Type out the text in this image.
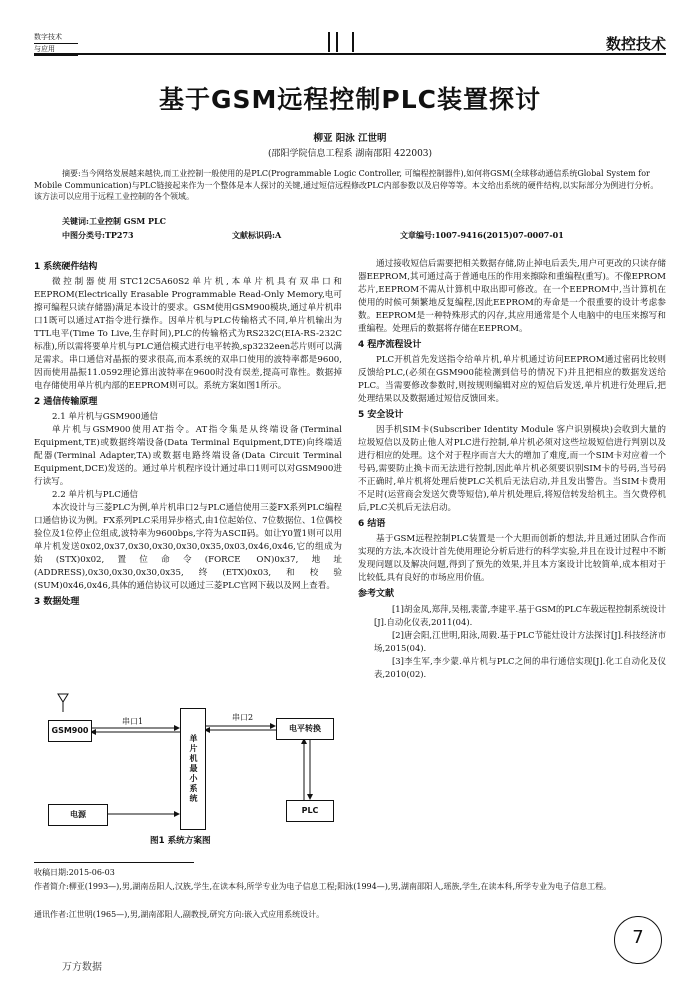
数字技术
与应用	数控技术
基于GSM远程控制PLC装置探讨
柳亚 阳泳 江世明
(邵阳学院信息工程系 湖南邵阳 422003)
摘要:当今网络发展越来越快,而工业控制一般使用的是PLC(Programmable Logic Controller, 可编程控制器件),如何将GSM(全球移动通信系统Global System for Mobile Communication)与PLC链接起来作为一个整体是本人探讨的关键,通过短信远程修改PLC内部参数以及启停等等。本文给出系统的硬件结构,以实际部分为例进行分析。该方法可以应用于远程工业控制的各个领域。
关键词:工业控制 GSM PLC
中图分类号:TP273	文献标识码:A	文章编号:1007-9416(2015)07-0007-01
1 系统硬件结构

微控制器使用STC12C5A60S2单片机,本单片机具有双串口和EEPROM(Electrically Erasable Programmable Read-Only Memory,电可擦可编程只读存储器)满足本设计的要求。GSM使用GSM900模块,通过单片机串口1既可以通过AT指令进行操作。因单片机与PLC传输格式不同,单片机输出为TTL电平(Time To Live,生存时间),PLC的传输格式为RS232C(EIA-RS-232C标准),所以需将要单片机与PLC通信模式进行电平转换,sp3232een芯片则可以满足需求。串口通信对晶振的要求很高,而本系统的双串口使用的波特率都是9600,因而使用晶振11.0592理论算出波特率在9600时没有误差,提高可靠性。数据掉电存储使用单片机内部的EEPROM则可以。系统方案如图1所示。

2 通信传输原理

2.1 单片机与GSM900通信

单片机与GSM900使用AT指令。AT指令集是从终端设备(Terminal Equipment,TE)或数据终端设备(Data Terminal Equipment,DTE)向终端适配器(Terminal Adapter,TA)或数据电路终端设备(Data Circuit Terminal Equipment,DCE)发送的。通过单片机程序设计通过串口1则可以对GSM900进行读写。

2.2 单片机与PLC通信

本次设计与三菱PLC为例,单片机串口2与PLC通信使用三菱FX系列PLC编程口通信协议为例。FX系列PLC采用异步格式,由1位起始位、7位数据位、1位偶校验位及1位停止位组成,波特率为9600bps,字符为ASCⅡ码。如让Y0置1则可以用单片机发送0x02,0x37,0x30,0x30,0x30,0x35,0x03,0x46,0x46,它的组成为始(STX)0x02,置位命令(FORCE ON)0x37,地址(ADDRESS),0x30,0x30,0x30,0x35,终(ETX)0x03,和校验(SUM)0x46,0x46,具体的通信协议可以通过三菱PLC官网下载以及网上查看。

3 数据处理
串口1	串口2
GSM900
单片机最小系统
电平转换
电源	PLC
图1 系统方案图

通过接收短信后需要把相关数据存储,防止掉电后丢失,用户可更改的只读存储器EEPROM,其可通过高于普通电压的作用来擦除和重编程(重写)。不像EPROM芯片,EEPROM不需从计算机中取出即可修改。在一个EEPROM中,当计算机在使用的时候可频繁地反复编程,因此EEPROM的寿命是一个很重要的设计考虑参数。EEPROM是一种特殊形式的闪存,其应用通常是个人电脑中的电压来擦写和重编程。处理后的数据将存储在EEPROM。

4 程序流程设计

PLC开机首先发送指令给单片机,单片机通过访问EEPROM通过密码比较则反馈给PLC,(必须在GSM900能检测到信号的情况下)并且把相应的数据发送给PLC。当需要修改参数时,则按规则编辑对应的短信后发送,单片机进行处理后,把处理结果以及数据通过短信反馈回来。

5 安全设计

因手机SIM卡(Subscriber Identity Module 客户识别模块)会收到大量的垃圾短信以及防止他人对PLC进行控制,单片机必须对这些垃圾短信进行判别以及进行相应的处理。这个对于程序而言大大的增加了难度,而一个SIM卡对应着一个号码,需要防止换卡而无法进行控制,因此单片机必须要识别SIM卡的号码,当号码不正确时,单片机将处理后使PLC关机后无法启动,并且发出警告。当SIM卡费用不足时(运营商会发送欠费等短信),单片机处理后,将短信转发给机主。当欠费停机后,PLC关机后无法启动。

6 结语

基于GSM远程控制PLC装置是一个大胆而创新的想法,并且通过团队合作而实现的方法,本次设计首先使用理论分析后进行的科学实验,并且在设计过程中不断发现问题以及解决问题,得到了预先的效果,并且本方案设计比较简单,成本相对于比较低,具有良好的市场应用价值。

参考文献

[1]胡金凤,郑萍,吴栩,裴蕾,李建平.基于GSM的PLC车载远程控制系统设计[J].自动化仪表,2011(04).

[2]唐会阳,江世明,阳泳,周毅.基于PLC节能灶设计方法探讨[J].科技经济市场,2015(04).

[3]李生军,李少蒙.单片机与PLC之间的串行通信实现[J].化工自动化及仪表,2010(02).

收稿日期:2015-06-03
作者简介:柳亚(1993—),男,湖南岳阳人,汉族,学生,在读本科,所学专业为电子信息工程;阳泳(1994—),男,湖南邵阳人,瑶族,学生,在读本科,所学专业为电子信息工程。
通讯作者:江世明(1965—),男,湖南邵阳人,副教授,研究方向:嵌入式应用系统设计。
7
万方数据
